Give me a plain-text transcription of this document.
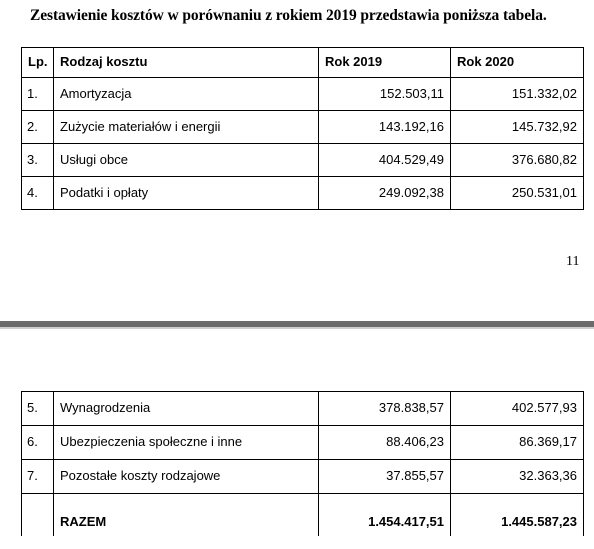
Zestawienie kosztów w porównaniu z rokiem 2019 przedstawia poniższa tabela.
Lp.	Rodzaj kosztu	Rok 2019	Rok 2020
1.	Amortyzacja	152.503,11	151.332,02
2.	Zużycie materiałów i energii	143.192,16	145.732,92
3.	Usługi obce	404.529,49	376.680,82
4.	Podatki i opłaty	249.092,38	250.531,01
11
5.	Wynagrodzenia	378.838,57	402.577,93
6.	Ubezpieczenia społeczne i inne	88.406,23	86.369,17
7.	Pozostałe koszty rodzajowe	37.855,57	32.363,36
	RAZEM	1.454.417,51	1.445.587,23
